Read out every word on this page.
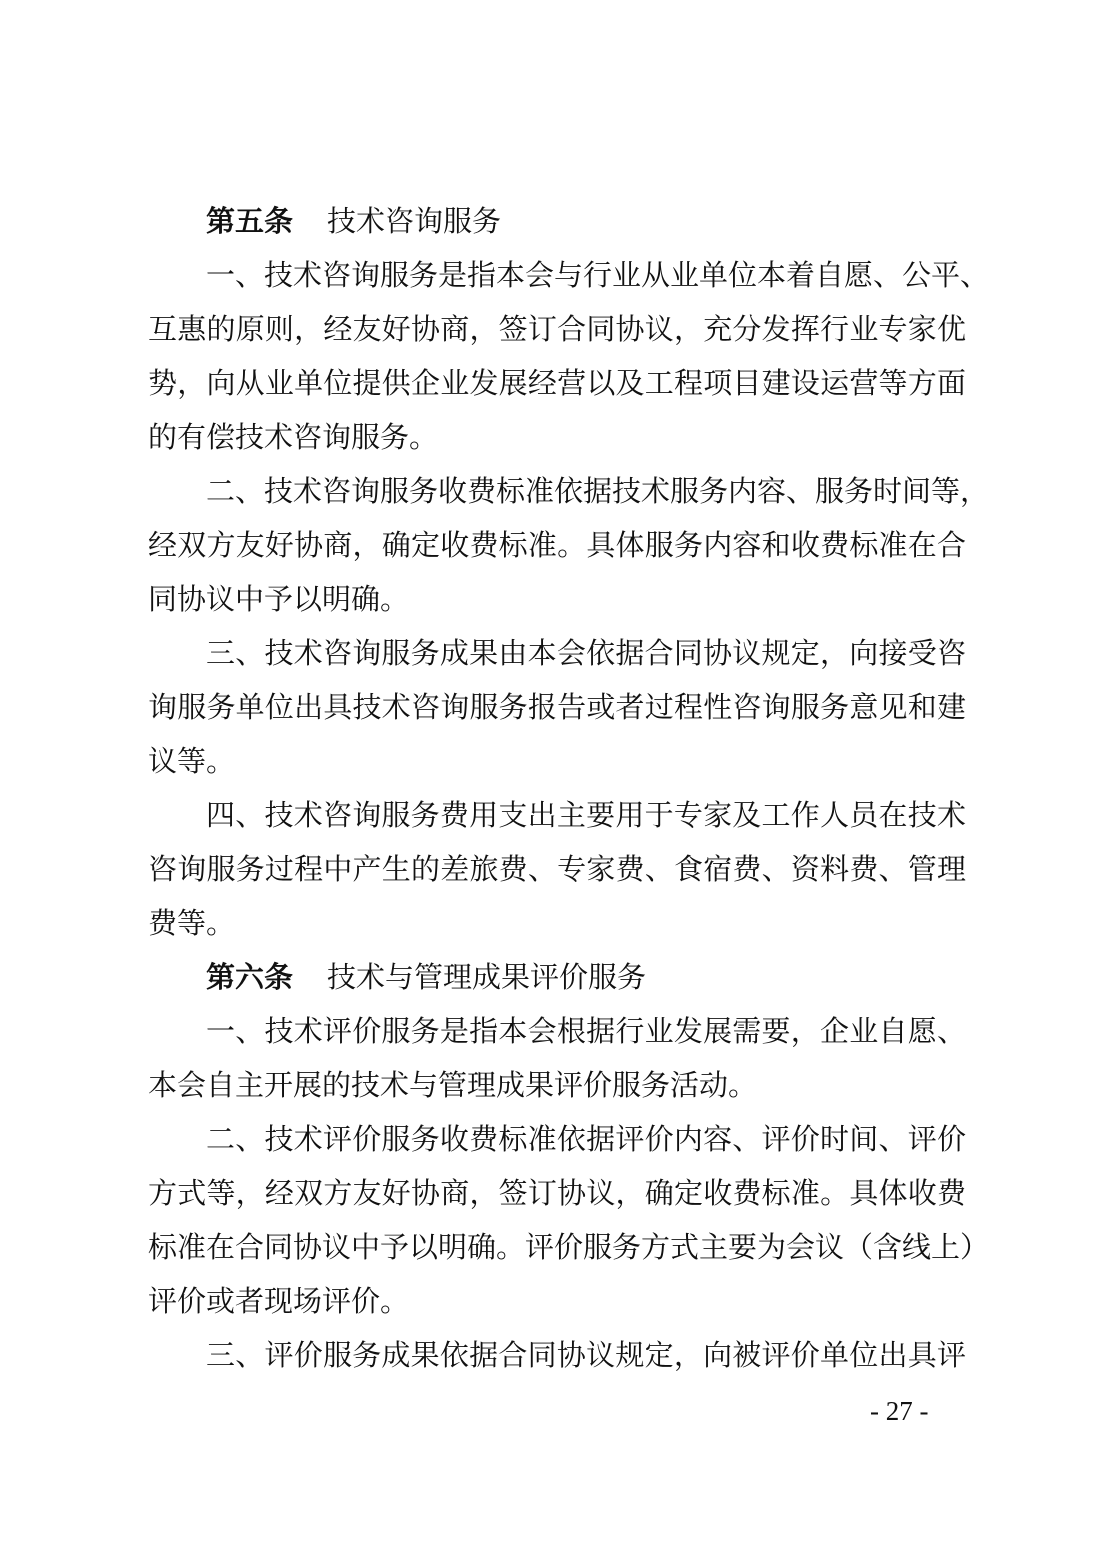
第五条 技术咨询服务
一、技术咨询服务是指本会与行业从业单位本着自愿、公平、
互惠的原则，经友好协商，签订合同协议，充分发挥行业专家优
势，向从业单位提供企业发展经营以及工程项目建设运营等方面
的有偿技术咨询服务。
二、技术咨询服务收费标准依据技术服务内容、服务时间等，
经双方友好协商，确定收费标准。具体服务内容和收费标准在合
同协议中予以明确。
三、技术咨询服务成果由本会依据合同协议规定，向接受咨
询服务单位出具技术咨询服务报告或者过程性咨询服务意见和建
议等。
四、技术咨询服务费用支出主要用于专家及工作人员在技术
咨询服务过程中产生的差旅费、专家费、食宿费、资料费、管理
费等。
第六条 技术与管理成果评价服务
一、技术评价服务是指本会根据行业发展需要，企业自愿、
本会自主开展的技术与管理成果评价服务活动。
二、技术评价服务收费标准依据评价内容、评价时间、评价
方式等，经双方友好协商，签订协议，确定收费标准。具体收费
标准在合同协议中予以明确。评价服务方式主要为会议（含线上）
评价或者现场评价。
三、评价服务成果依据合同协议规定，向被评价单位出具评
- 27 -
